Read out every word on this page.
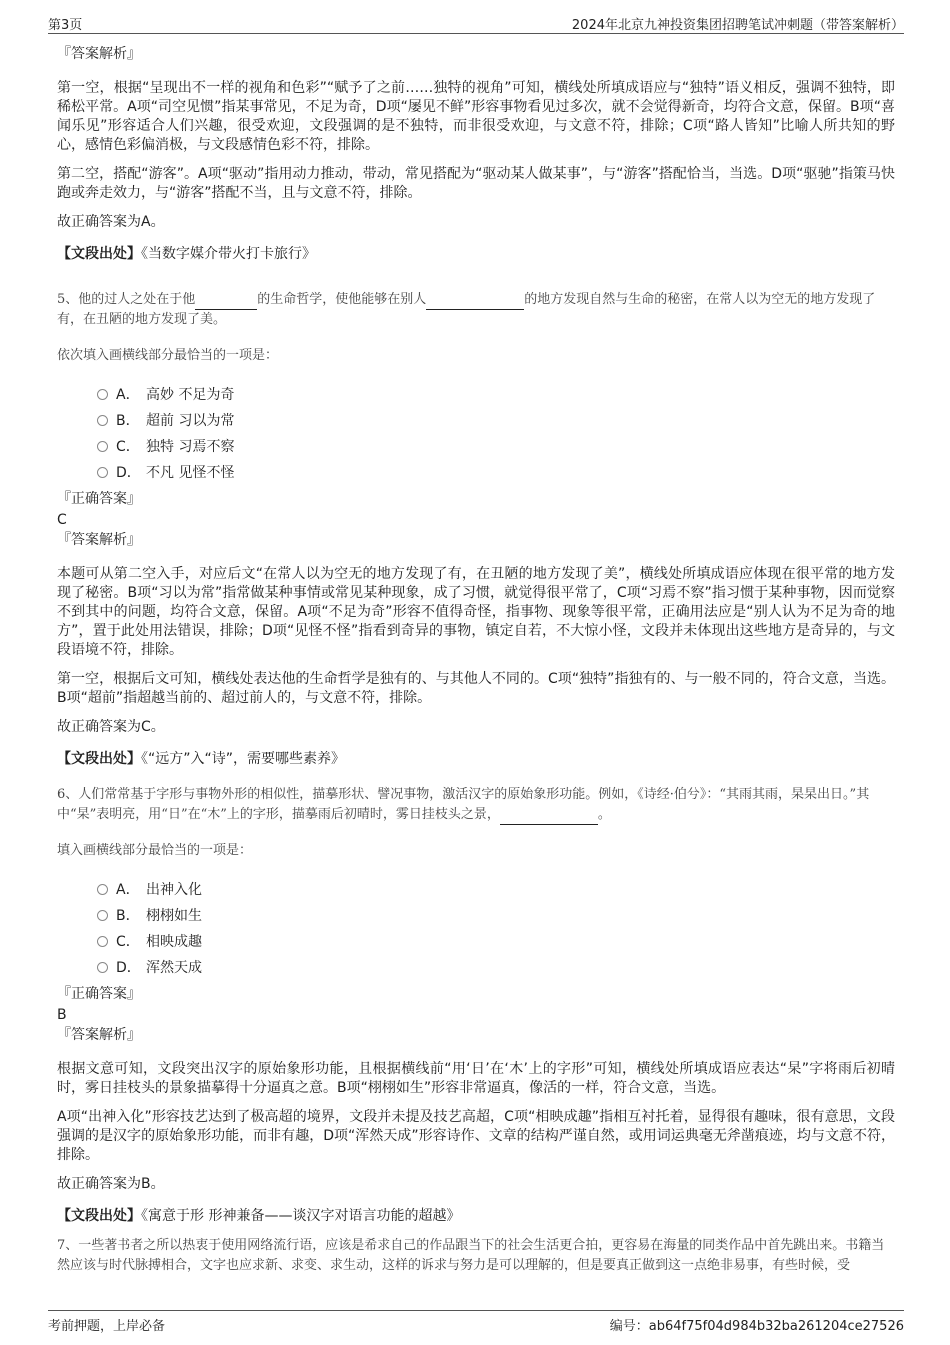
第3页	2024年北京九神投资集团招聘笔试冲刺题（带答案解析）
『答案解析』

第一空，根据“呈现出不一样的视角和色彩”“赋予了之前……独特的视角”可知，横线处所填成语应与“独特”语义相反，强调不独特，即稀松平常。A项“司空见惯”指某事常见，不足为奇，D项“屡见不鲜”形容事物看见过多次，就不会觉得新奇，均符合文意，保留。B项“喜闻乐见”形容适合人们兴趣，很受欢迎，文段强调的是不独特，而非很受欢迎，与文意不符，排除；C项“路人皆知”比喻人所共知的野心，感情色彩偏消极，与文段感情色彩不符，排除。

第二空，搭配“游客”。A项“驱动”指用动力推动，带动，常见搭配为“驱动某人做某事”，与“游客”搭配恰当，当选。D项“驱驰”指策马快跑或奔走效力，与“游客”搭配不当，且与文意不符，排除。

故正确答案为A。

【文段出处】《当数字媒介带火打卡旅行》
5、他的过人之处在于他	的生命哲学，使他能够在别人	的地方发现自然与生命的秘密，在常人以为空无的地方发现了有，在丑陋的地方发现了美。
依次填入画横线部分最恰当的一项是：
A． 高妙 不足为奇
B． 超前 习以为常
C． 独特 习焉不察
D． 不凡 见怪不怪
『正确答案』
C
『答案解析』

本题可从第二空入手，对应后文“在常人以为空无的地方发现了有，在丑陋的地方发现了美”，横线处所填成语应体现在很平常的地方发现了秘密。B项“习以为常”指常做某种事情或常见某种现象，成了习惯，就觉得很平常了，C项“习焉不察”指习惯于某种事物，因而觉察不到其中的问题，均符合文意，保留。A项“不足为奇”形容不值得奇怪，指事物、现象等很平常，正确用法应是“别人认为不足为奇的地方”，置于此处用法错误，排除；D项“见怪不怪”指看到奇异的事物，镇定自若，不大惊小怪，文段并未体现出这些地方是奇异的，与文段语境不符，排除。

第一空，根据后文可知，横线处表达他的生命哲学是独有的、与其他人不同的。C项“独特”指独有的、与一般不同的，符合文意，当选。B项“超前”指超越当前的、超过前人的，与文意不符，排除。

故正确答案为C。

【文段出处】《“远方”入“诗”，需要哪些素养》
6、人们常常基于字形与事物外形的相似性，描摹形状、譬况事物，激活汉字的原始象形功能。例如，《诗经·伯兮》：“其雨其雨，杲杲出日。”其中“杲”表明亮，用“日”在“木”上的字形，描摹雨后初晴时，雾日挂枝头之景，	。
填入画横线部分最恰当的一项是：
A． 出神入化
B． 栩栩如生
C． 相映成趣
D． 浑然天成
『正确答案』
B
『答案解析』

根据文意可知，文段突出汉字的原始象形功能，且根据横线前“用‘日’在‘木’上的字形”可知，横线处所填成语应表达“杲”字将雨后初晴时，雾日挂枝头的景象描摹得十分逼真之意。B项“栩栩如生”形容非常逼真，像活的一样，符合文意，当选。

A项“出神入化”形容技艺达到了极高超的境界，文段并未提及技艺高超，C项“相映成趣”指相互衬托着，显得很有趣味，很有意思，文段强调的是汉字的原始象形功能，而非有趣，D项“浑然天成”形容诗作、文章的结构严谨自然，或用词运典毫无斧凿痕迹，均与文意不符，排除。

故正确答案为B。

【文段出处】《寓意于形 形神兼备——谈汉字对语言功能的超越》
7、一些著书者之所以热衷于使用网络流行语，应该是希求自己的作品跟当下的社会生活更合拍，更容易在海量的同类作品中首先跳出来。书籍当然应该与时代脉搏相合，文字也应求新、求变、求生动，这样的诉求与努力是可以理解的，但是要真正做到这一点绝非易事，有些时候，受
考前押题，上岸必备	编号：ab64f75f04d984b32ba261204ce27526
